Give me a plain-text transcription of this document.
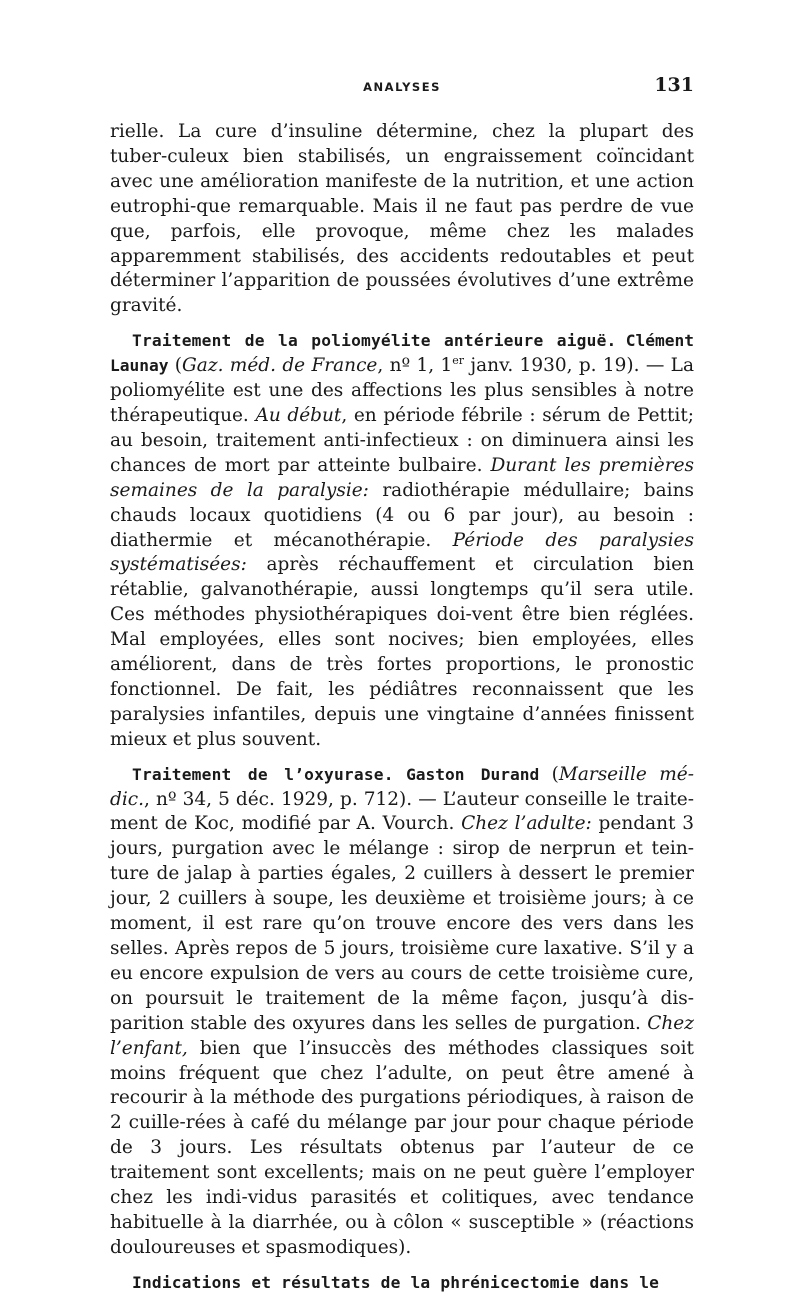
ANALYSES	131

rielle. La cure d’insuline détermine, chez la plupart des tuber-culeux bien stabilisés, un engraissement coïncidant avec une amélioration manifeste de la nutrition, et une action eutrophi-que remarquable. Mais il ne faut pas perdre de vue que, parfois, elle provoque, même chez les malades apparemment stabilisés, des accidents redoutables et peut déterminer l’apparition de poussées évolutives d’une extrême gravité.

Traitement de la poliomyélite antérieure aiguë. Clément Launay (Gaz. méd. de France, nº 1, 1er janv. 1930, p. 19). — La poliomyélite est une des affections les plus sensibles à notre thérapeutique. Au début, en période fébrile : sérum de Pettit; au besoin, traitement anti-infectieux : on diminuera ainsi les chances de mort par atteinte bulbaire. Durant les premières semaines de la paralysie: radiothérapie médullaire; bains chauds locaux quotidiens (4 ou 6 par jour), au besoin : diathermie et mécanothérapie. Période des paralysies systématisées: après réchauffement et circulation bien rétablie, galvanothérapie, aussi longtemps qu’il sera utile. Ces méthodes physiothérapiques doi-vent être bien réglées. Mal employées, elles sont nocives; bien employées, elles améliorent, dans de très fortes proportions, le pronostic fonctionnel. De fait, les pédiâtres reconnaissent que les paralysies infantiles, depuis une vingtaine d’années finissent mieux et plus souvent.

Traitement de l’oxyurase. Gaston Durand (Marseille mé-dic., nº 34, 5 déc. 1929, p. 712). — L’auteur conseille le traite-ment de Koc, modifié par A. Vourch. Chez l’adulte: pendant 3 jours, purgation avec le mélange : sirop de nerprun et tein-ture de jalap à parties égales, 2 cuillers à dessert le premier jour, 2 cuillers à soupe, les deuxième et troisième jours; à ce moment, il est rare qu’on trouve encore des vers dans les selles. Après repos de 5 jours, troisième cure laxative. S’il y a eu encore expulsion de vers au cours de cette troisième cure, on poursuit le traitement de la même façon, jusqu’à dis-parition stable des oxyures dans les selles de purgation. Chez l’enfant, bien que l’insuccès des méthodes classiques soit moins fréquent que chez l’adulte, on peut être amené à recourir à la méthode des purgations périodiques, à raison de 2 cuille-rées à café du mélange par jour pour chaque période de 3 jours. Les résultats obtenus par l’auteur de ce traitement sont excellents; mais on ne peut guère l’employer chez les indi-vidus parasités et colitiques, avec tendance habituelle à la diarrhée, ou à côlon « susceptible » (réactions douloureuses et spasmodiques).

Indications et résultats de la phrénicectomie dans le
